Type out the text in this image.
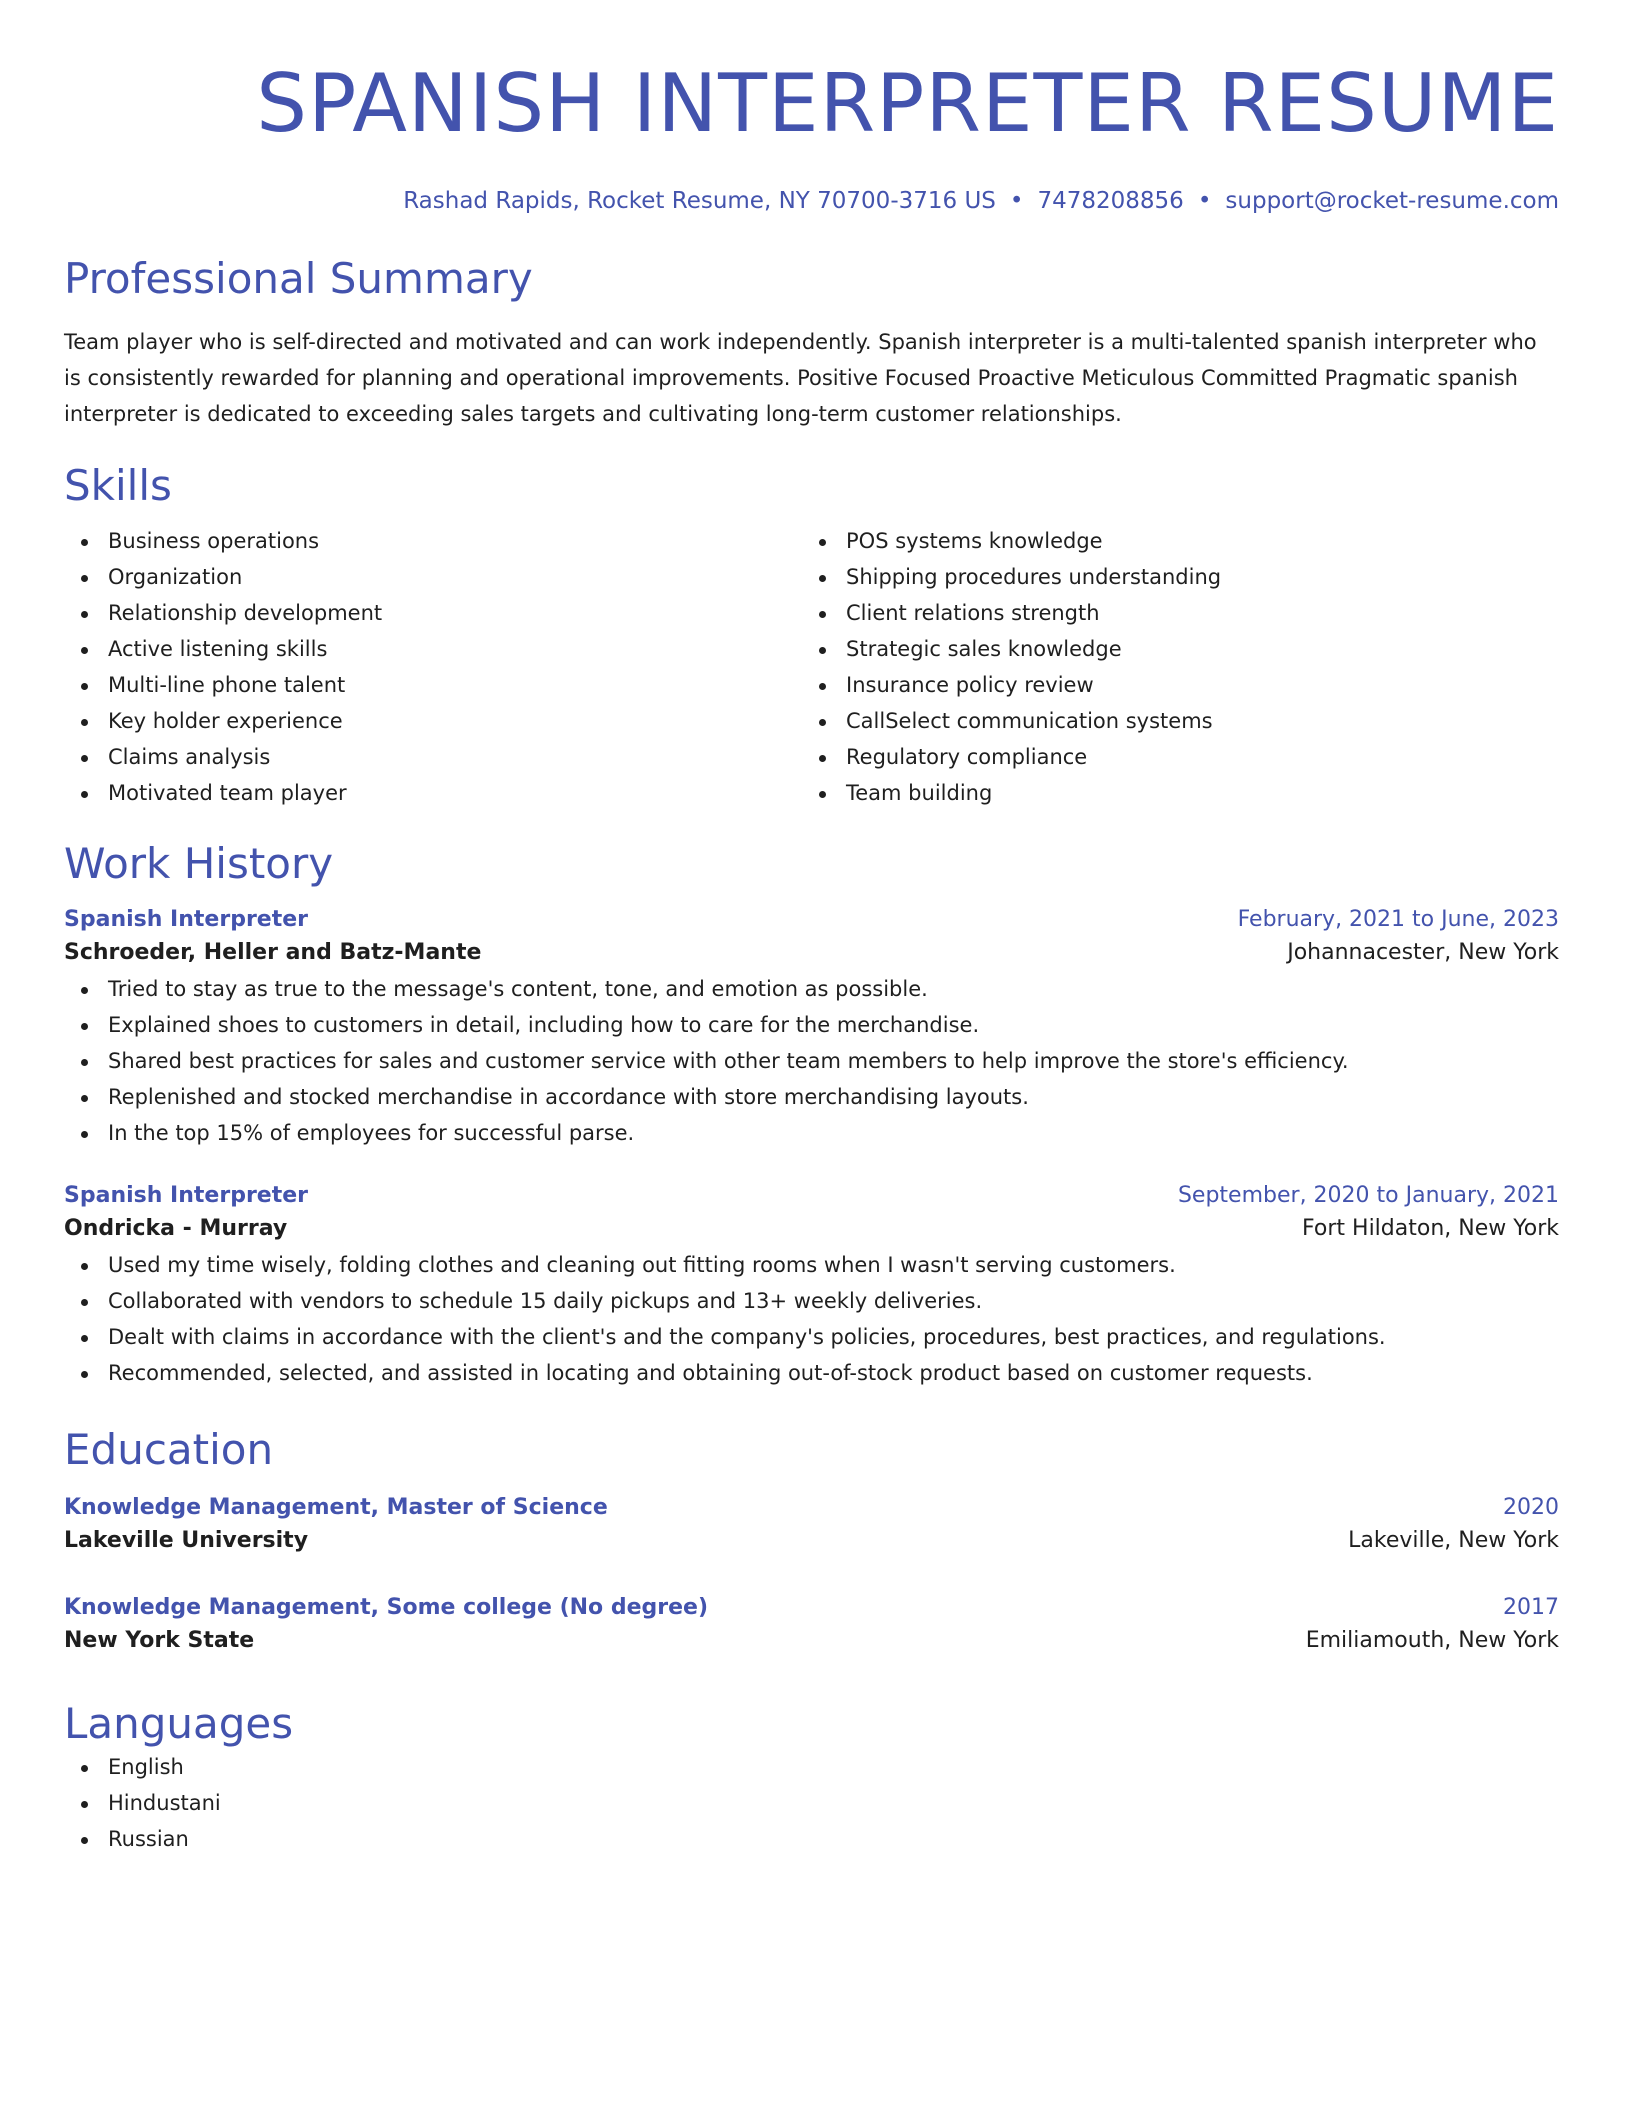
SPANISH INTERPRETER RESUME
Rashad Rapids, Rocket Resume, NY 70700-3716 US • 7478208856 • support@rocket-resume.com
Professional Summary
Team player who is self-directed and motivated and can work independently. Spanish interpreter is a multi-talented spanish interpreter who is consistently rewarded for planning and operational improvements. Positive Focused Proactive Meticulous Committed Pragmatic spanish interpreter is dedicated to exceeding sales targets and cultivating long-term customer relationships.
Skills
Business operations
Organization
Relationship development
Active listening skills
Multi-line phone talent
Key holder experience
Claims analysis
Motivated team player
POS systems knowledge
Shipping procedures understanding
Client relations strength
Strategic sales knowledge
Insurance policy review
CallSelect communication systems
Regulatory compliance
Team building
Work History
Spanish Interpreter	February, 2021 to June, 2023
Schroeder, Heller and Batz-Mante	Johannacester, New York
Tried to stay as true to the message's content, tone, and emotion as possible.
Explained shoes to customers in detail, including how to care for the merchandise.
Shared best practices for sales and customer service with other team members to help improve the store's efficiency.
Replenished and stocked merchandise in accordance with store merchandising layouts.
In the top 15% of employees for successful parse.
Spanish Interpreter	September, 2020 to January, 2021
Ondricka - Murray	Fort Hildaton, New York
Used my time wisely, folding clothes and cleaning out fitting rooms when I wasn't serving customers.
Collaborated with vendors to schedule 15 daily pickups and 13+ weekly deliveries.
Dealt with claims in accordance with the client's and the company's policies, procedures, best practices, and regulations.
Recommended, selected, and assisted in locating and obtaining out-of-stock product based on customer requests.
Education
Knowledge Management, Master of Science	2020
Lakeville University	Lakeville, New York
Knowledge Management, Some college (No degree)	2017
New York State	Emiliamouth, New York
Languages
English
Hindustani
Russian
